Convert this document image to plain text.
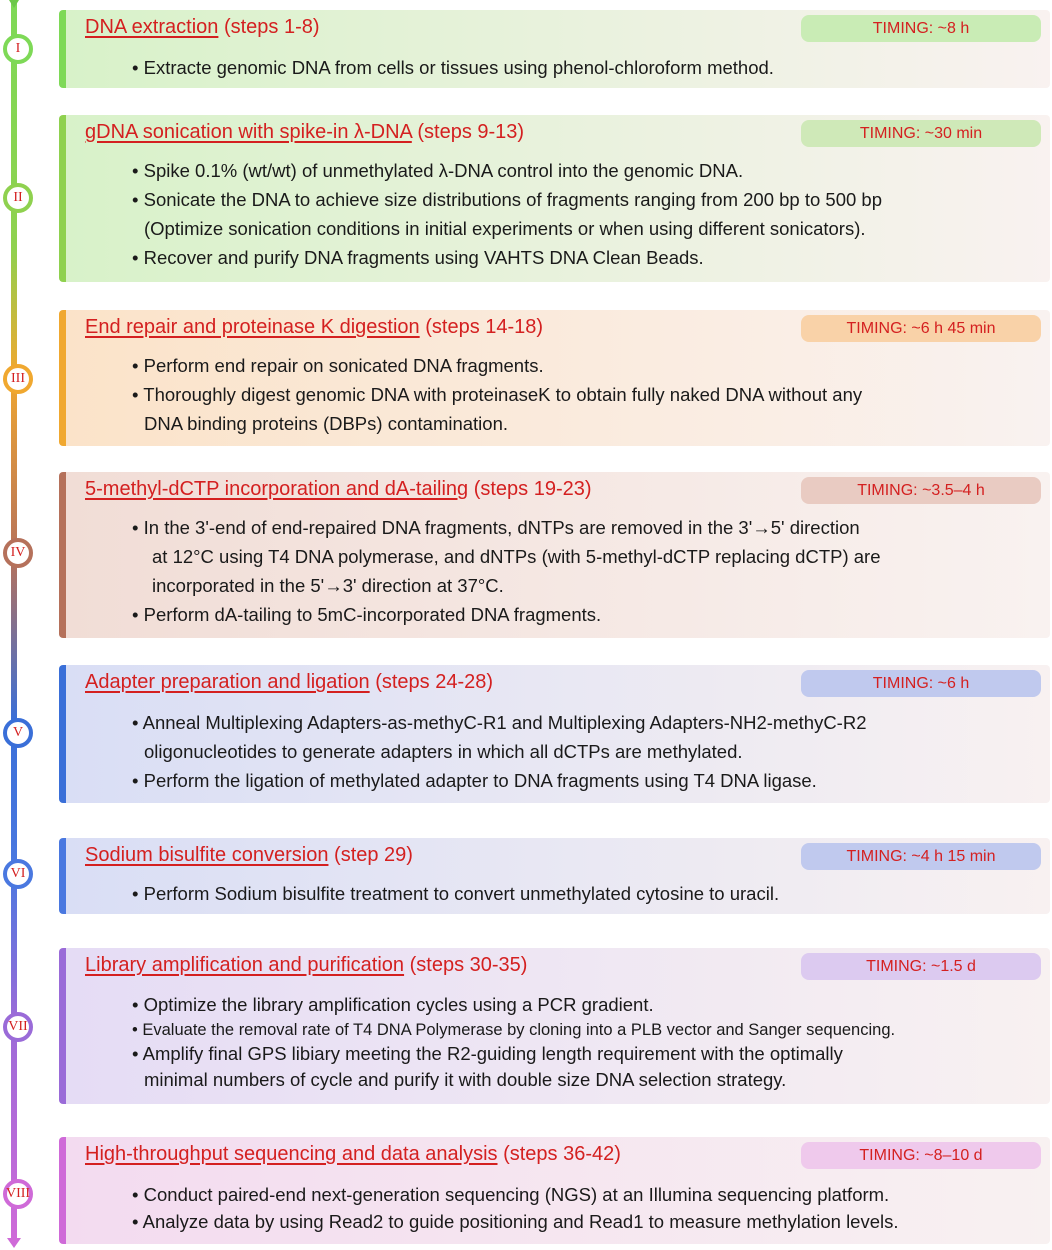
I
DNA extraction (steps 1-8)	TIMING: ~8 h
• Extracte genomic DNA from cells or tissues using phenol-chloroform method.
II
gDNA sonication with spike-in λ-DNA (steps 9-13)	TIMING: ~30 min
• Spike 0.1% (wt/wt) of unmethylated λ-DNA control into the genomic DNA.
• Sonicate the DNA to achieve size distributions of fragments ranging from 200 bp to 500 bp
(Optimize sonication conditions in initial experiments or when using different sonicators).
• Recover and purify DNA fragments using VAHTS DNA Clean Beads.
III
End repair and proteinase K digestion (steps 14-18)	TIMING: ~6 h 45 min
• Perform end repair on sonicated DNA fragments.
• Thoroughly digest genomic DNA with proteinaseK to obtain fully naked DNA without any
DNA binding proteins (DBPs) contamination.
IV
5-methyl-dCTP incorporation and dA-tailing (steps 19-23)	TIMING: ~3.5–4 h
• In the 3'-end of end-repaired DNA fragments, dNTPs are removed in the 3'→5' direction
at 12°C using T4 DNA polymerase, and dNTPs (with 5-methyl-dCTP replacing dCTP) are
incorporated in the 5'→3' direction at 37°C.
• Perform dA-tailing to 5mC-incorporated DNA fragments.
V
Adapter preparation and ligation (steps 24-28)	TIMING: ~6 h
• Anneal Multiplexing Adapters-as-methyC-R1 and Multiplexing Adapters-NH2-methyC-R2
oligonucleotides to generate adapters in which all dCTPs are methylated.
• Perform the ligation of methylated adapter to DNA fragments using T4 DNA ligase.
VI
Sodium bisulfite conversion (step 29)	TIMING: ~4 h 15 min
• Perform Sodium bisulfite treatment to convert unmethylated cytosine to uracil.
VII
Library amplification and purification (steps 30-35)	TIMING: ~1.5 d
• Optimize the library amplification cycles using a PCR gradient.
• Evaluate the removal rate of T4 DNA Polymerase by cloning into a PLB vector and Sanger sequencing.
• Amplify final GPS libiary meeting the R2-guiding length requirement with the optimally
minimal numbers of cycle and purify it with double size DNA selection strategy.
VIII
High-throughput sequencing and data analysis (steps 36-42)	TIMING: ~8–10 d
• Conduct paired-end next-generation sequencing (NGS) at an Illumina sequencing platform.
• Analyze data by using Read2 to guide positioning and Read1 to measure methylation levels.
